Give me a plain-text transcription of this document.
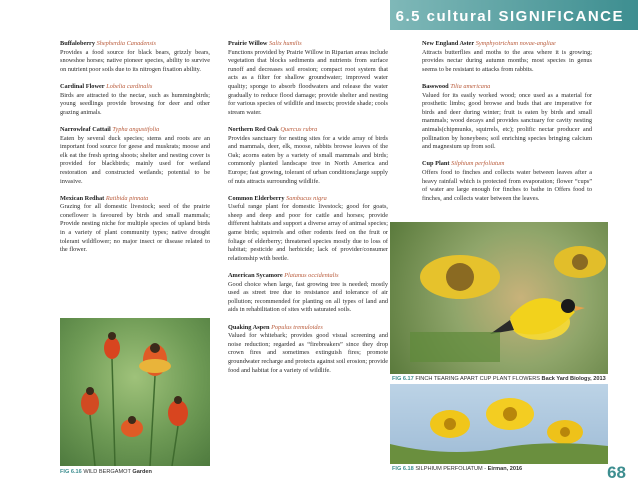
6.5 cultural SIGNIFICANCE
Buffaloberry Shepherdia Canadensis
Provides a food source for black bears, grizzly bears, snowshoe horses; native pioneer species, ability to survive on nutrient poor soils due to its nitrogen fixation ability.
Cardinal Flower Lobelia cardinalis
Birds are attracted to the nectar, such as hummingbirds; young seedlings provide browsing for deer and other grazing animals.
Narrowleaf Cattail Typha angustifolia
Eaten by several duck species; stems and roots are an important food source for geese and muskrats; moose and elk eat the fresh spring shoots; shelter and nesting cover is provided for blackbirds; mainly used for wetland restoration and constructed wetlands; potential to be invasive.
Mexican Redhat Ratibida pinnata
Grazing for all domestic livestock; seed of the prairie coneflower is favoured by birds and small mammals; Provide nesting niche for multiple species of upland birds in a variety of plant community types; native drought tolerant wildflower; no major insect or disease related to the flower.
Prairie Willow Salix humilis
Functions provided by Prairie Willow in Riparian areas include vegetation that blocks sediments and nutrients from surface runoff and decreases soil erosion; compact root system that acts as a filter for shallow groundwater; improved water quality; sponge to absorb floodwaters and release the water gradually to reduce flood damage; provide shelter and nesting for various species of wildlife and insects; provide shade; cools stream water.
Northern Red Oak Quercus rubra
Provides sanctuary for nesting sites for a wide array of birds and mammals, deer, elk, moose, rabbits browse leaves of the Oak; acorns eaten by a variety of small mammals and birds; commonly planted landscape tree in North America and Europe; fast growing, tolerant of urban conditions;large supply of nuts attracts surrounding wildlife.
Common Elderberry Sambucus nigra
Useful range plant for domestic livestock; good for goats, sheep and deep and poor for cattle and horses; provide different habitats and support a diverse array of animal species; game birds; squirrels and other rodents feed on the fruit or foliage of elderberry; threatened species mostly due to loss of habitat; pesticide and herbicide; lack of provider/consumer relationship with beetle.
American Sycamore Platanus occidentalis
Good choice when large, fast growing tree is needed; mostly used as street tree due to resistance and tolerance of air pollution; recommended for planting on all types of land and aids in rehabilitation of sites with saturated soils.
Quaking Aspen Populus tremuloides
Valued for whitebark; provides good visual screening and noise reduction; regarded as “firebreakers” since they drop crown fires and sometimes extinguish fires; promote groundwater recharge and protects against soil erosion; provide food and habitat for a variety of wildlife.
New England Aster Symphyotrichum novae-angliae
Attracts butterflies and moths to the area where it is growing; provides nectar during autumn months; most species in genus seems to be resistant to attacks from rabbits.
Basswood Tilia americana
Valued for its easily worked wood; once used as a material for prosthetic limbs; good browse and buds that are imperative for birds and deer during winter; fruit is eaten by birds and small mammals; wood decays and provides sanctuary for cavity nesting animals(chipmunks, squirrels, etc); prolific nectar producer and pollination by honeybees; soil enriching species bringing calcium and magnesium up from soil.
Cup Plant Silphium perfoliatum
Offers food to finches and collects water between leaves after a heavy rainfall which is protected from evaporation; flower “cups” of water are large enough for finches to bathe in Offers food to finches, and collects water between the leaves.
FIG 6.16 WILD BERGAMOT Garden
FIG 6.17 FINCH TEARING APART CUP PLANT FLOWERS Back Yard Biology, 2013
FIG 6.18 SILPHIUM PERFOLIATUM - Eirman, 2016	68
